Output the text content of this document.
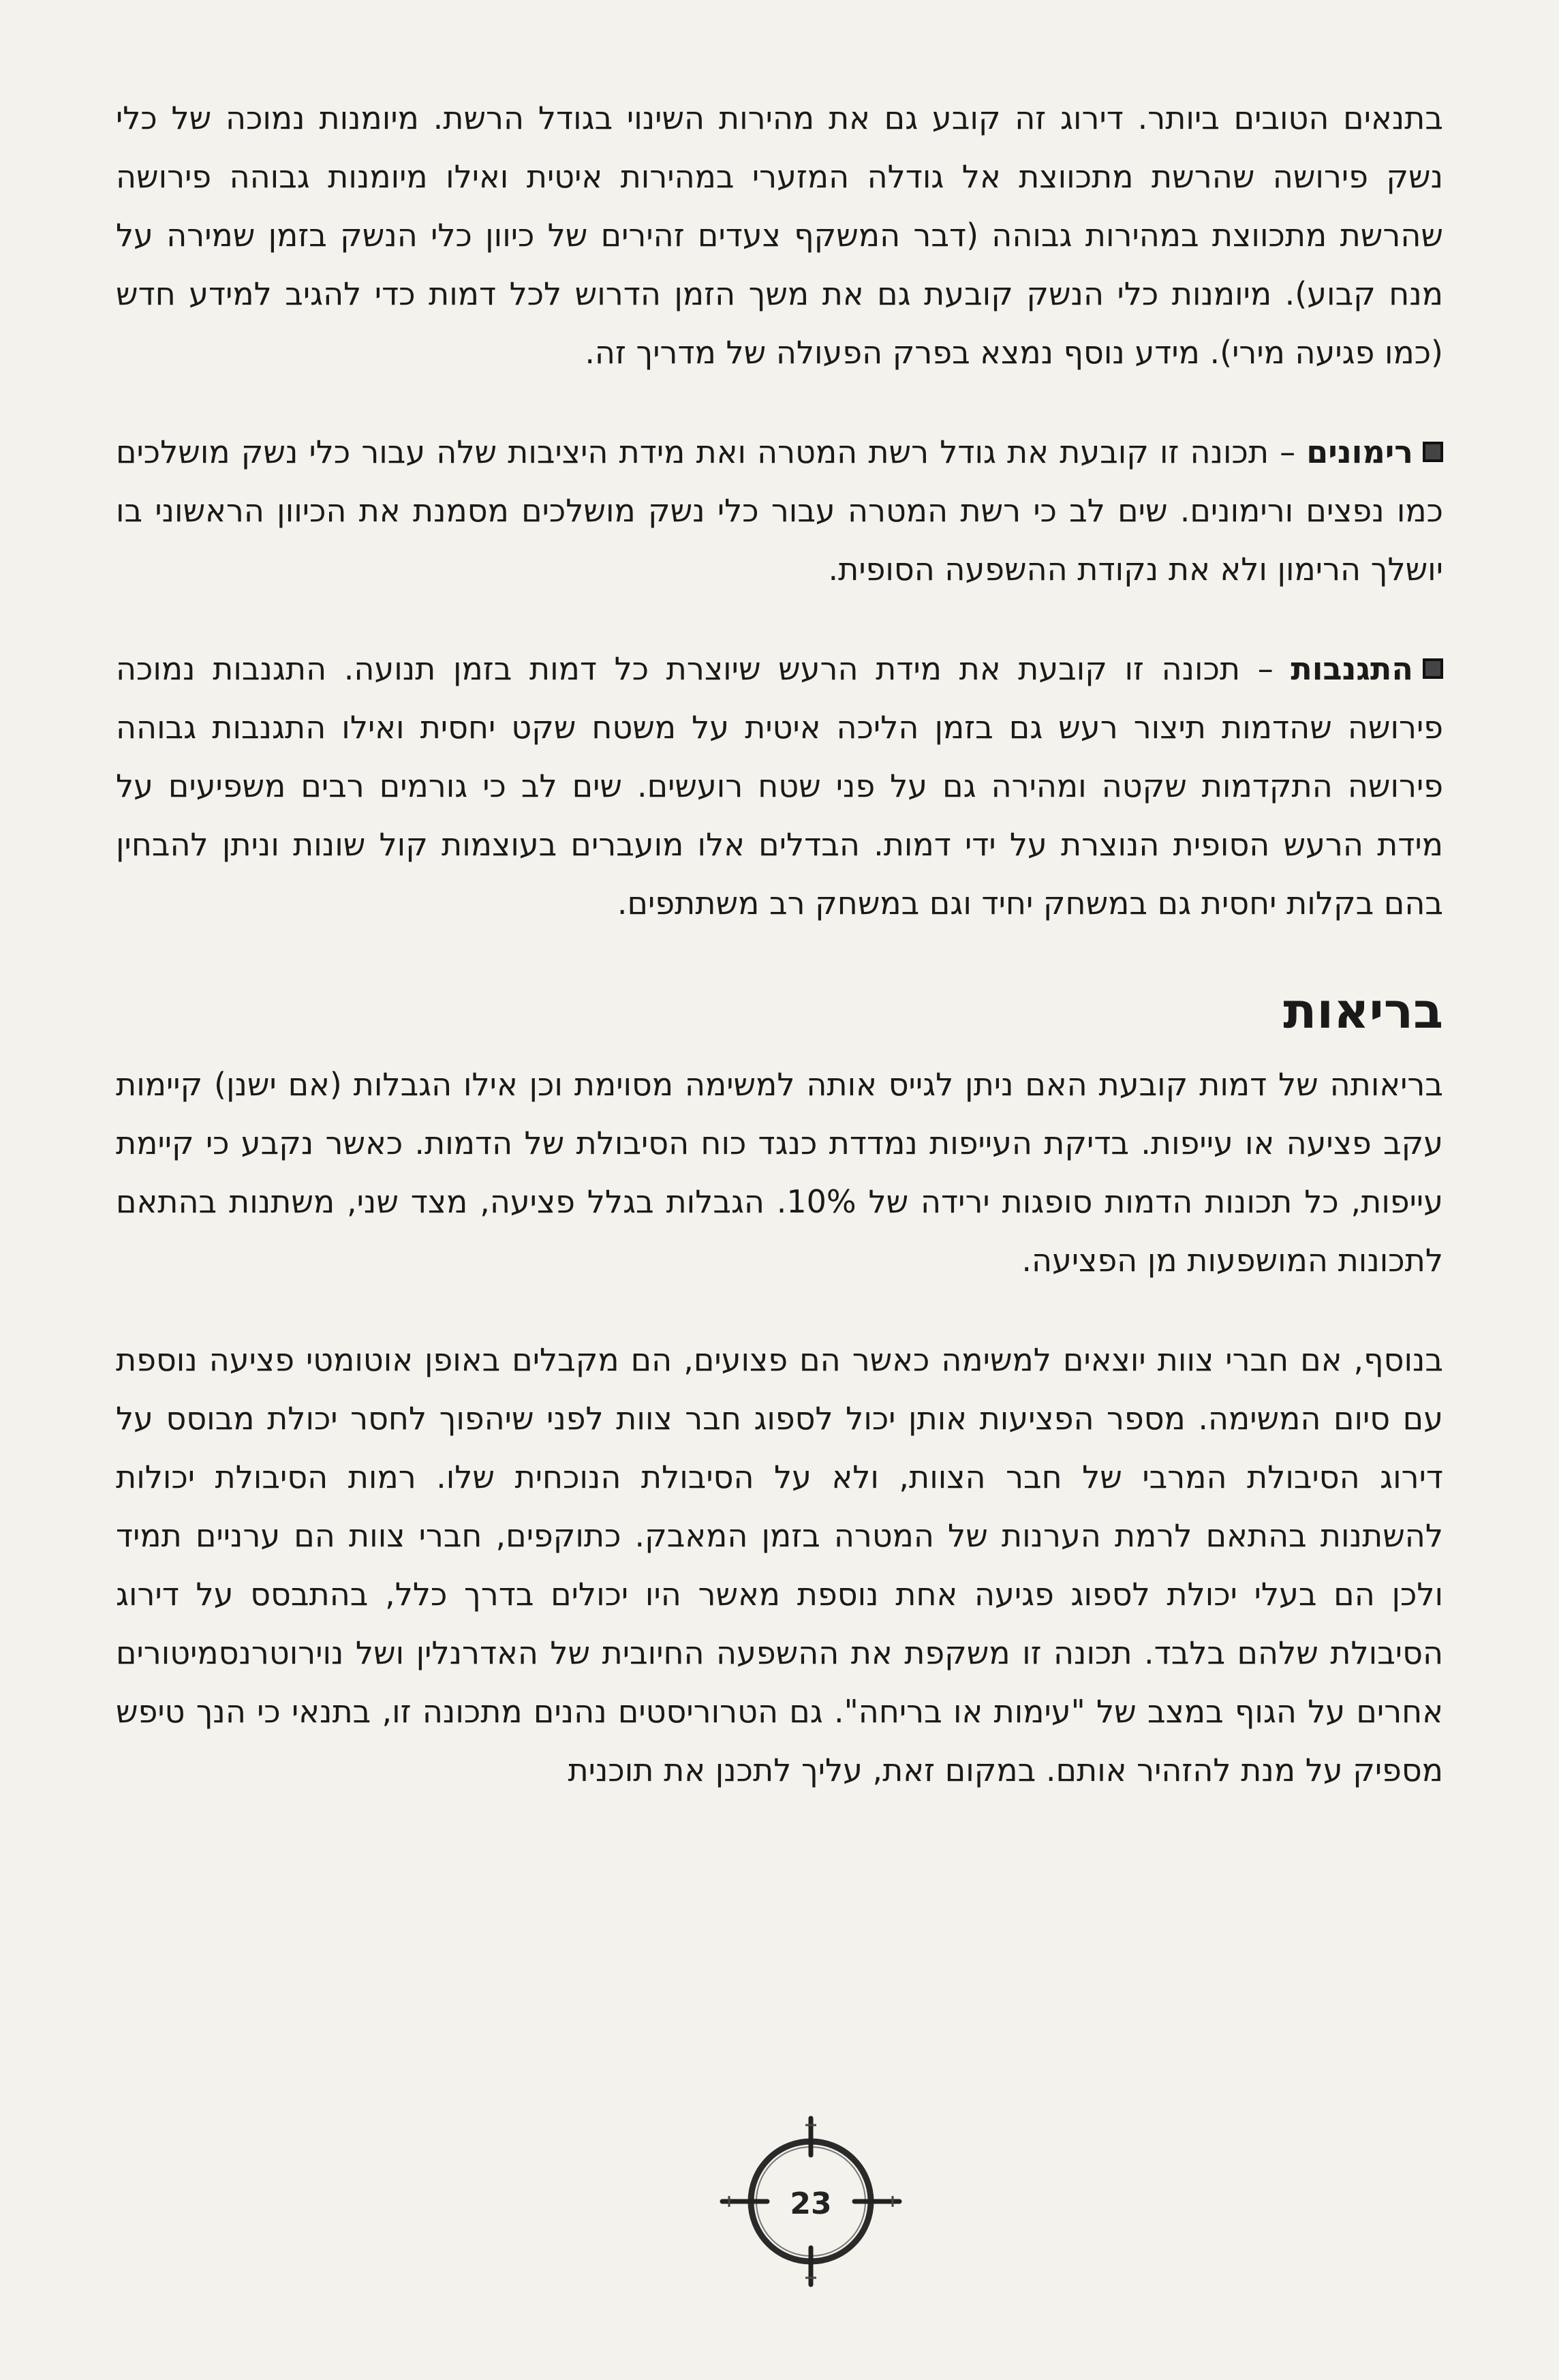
בתנאים הטובים ביותר. דירוג זה קובע גם את מהירות השינוי בגודל הרשת. מיומנות נמוכה של כלי נשק פירושה שהרשת מתכווצת אל גודלה המזערי במהירות איטית ואילו מיומנות גבוהה פירושה שהרשת מתכווצת במהירות גבוהה (דבר המשקף צעדים זהירים של כיוון כלי הנשק בזמן שמירה על מנח קבוע). מיומנות כלי הנשק קובעת גם את משך הזמן הדרוש לכל דמות כדי להגיב למידע חדש (כמו פגיעה מירי). מידע נוסף נמצא בפרק הפעולה של מדריך זה.

רימונים – תכונה זו קובעת את גודל רשת המטרה ואת מידת היציבות שלה עבור כלי נשק מושלכים כמו נפצים ורימונים. שים לב כי רשת המטרה עבור כלי נשק מושלכים מסמנת את הכיוון הראשוני בו יושלך הרימון ולא את נקודת ההשפעה הסופית.

התגנבות – תכונה זו קובעת את מידת הרעש שיוצרת כל דמות בזמן תנועה. התגנבות נמוכה פירושה שהדמות תיצור רעש גם בזמן הליכה איטית על משטח שקט יחסית ואילו התגנבות גבוהה פירושה התקדמות שקטה ומהירה גם על פני שטח רועשים. שים לב כי גורמים רבים משפיעים על מידת הרעש הסופית הנוצרת על ידי דמות. הבדלים אלו מועברים בעוצמות קול שונות וניתן להבחין בהם בקלות יחסית גם במשחק יחיד וגם במשחק רב משתתפים.

בריאות

בריאותה של דמות קובעת האם ניתן לגייס אותה למשימה מסוימת וכן אילו הגבלות (אם ישנן) קיימות עקב פציעה או עייפות. בדיקת העייפות נמדדת כנגד כוח הסיבולת של הדמות. כאשר נקבע כי קיימת עייפות, כל תכונות הדמות סופגות ירידה של 10%. הגבלות בגלל פציעה, מצד שני, משתנות בהתאם לתכונות המושפעות מן הפציעה.

בנוסף, אם חברי צוות יוצאים למשימה כאשר הם פצועים, הם מקבלים באופן אוטומטי פציעה נוספת עם סיום המשימה. מספר הפציעות אותן יכול לספוג חבר צוות לפני שיהפוך לחסר יכולת מבוסס על דירוג הסיבולת המרבי של חבר הצוות, ולא על הסיבולת הנוכחית שלו. רמות הסיבולת יכולות להשתנות בהתאם לרמת הערנות של המטרה בזמן המאבק. כתוקפים, חברי צוות הם ערניים תמיד ולכן הם בעלי יכולת לספוג פגיעה אחת נוספת מאשר היו יכולים בדרך כלל, בהתבסס על דירוג הסיבולת שלהם בלבד. תכונה זו משקפת את ההשפעה החיובית של האדרנלין ושל נוירוטרנסמיטורים אחרים על הגוף במצב של "עימות או בריחה". גם הטרוריסטים נהנים מתכונה זו, בתנאי כי הנך טיפש מספיק על מנת להזהיר אותם. במקום זאת, עליך לתכנן את תוכנית

23
